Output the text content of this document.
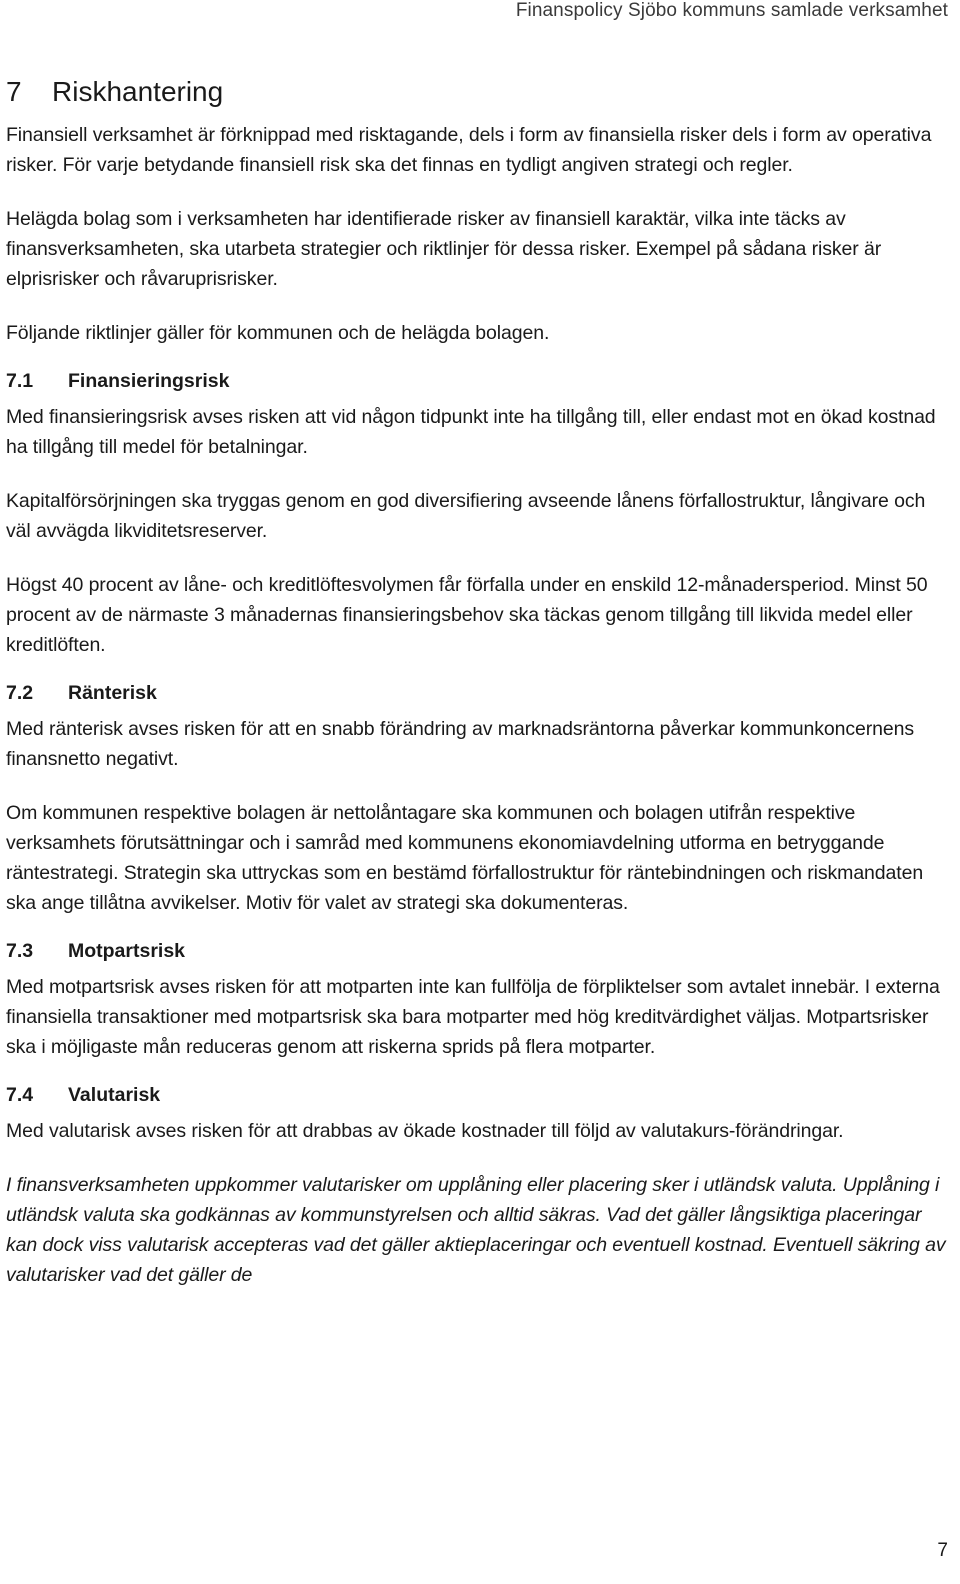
Finanspolicy Sjöbo kommuns samlade verksamhet
7	Riskhantering

Finansiell verksamhet är förknippad med risktagande, dels i form av finansiella risker dels i form av operativa risker. För varje betydande finansiell risk ska det finnas en tydligt angiven strategi och regler.

Helägda bolag som i verksamheten har identifierade risker av finansiell karaktär, vilka inte täcks av finansverksamheten, ska utarbeta strategier och riktlinjer för dessa risker. Exempel på sådana risker är elprisrisker och råvaruprisrisker.

Följande riktlinjer gäller för kommunen och de helägda bolagen.

7.1	Finansieringsrisk

Med finansieringsrisk avses risken att vid någon tidpunkt inte ha tillgång till, eller endast mot en ökad kostnad ha tillgång till medel för betalningar.

Kapitalförsörjningen ska tryggas genom en god diversifiering avseende lånens förfallostruktur, långivare och väl avvägda likviditetsreserver.

Högst 40 procent av låne- och kreditlöftesvolymen får förfalla under en enskild 12-månadersperiod. Minst 50 procent av de närmaste 3 månadernas finansieringsbehov ska täckas genom tillgång till likvida medel eller kreditlöften.

7.2	Ränterisk

Med ränterisk avses risken för att en snabb förändring av marknadsräntorna påverkar kommunkoncernens finansnetto negativt.

Om kommunen respektive bolagen är nettolåntagare ska kommunen och bolagen utifrån respektive verksamhets förutsättningar och i samråd med kommunens ekonomiavdelning utforma en betryggande räntestrategi. Strategin ska uttryckas som en bestämd förfallostruktur för räntebindningen och riskmandaten ska ange tillåtna avvikelser. Motiv för valet av strategi ska dokumenteras.

7.3	Motpartsrisk

Med motpartsrisk avses risken för att motparten inte kan fullfölja de förpliktelser som avtalet innebär. I externa finansiella transaktioner med motpartsrisk ska bara motparter med hög kreditvärdighet väljas. Motpartsrisker ska i möjligaste mån reduceras genom att riskerna sprids på flera motparter.

7.4	Valutarisk

Med valutarisk avses risken för att drabbas av ökade kostnader till följd av valutakurs-förändringar.

I finansverksamheten uppkommer valutarisker om upplåning eller placering sker i utländsk valuta. Upplåning i utländsk valuta ska godkännas av kommunstyrelsen och alltid säkras. Vad det gäller långsiktiga placeringar kan dock viss valutarisk accepteras vad det gäller aktieplaceringar och eventuell kostnad. Eventuell säkring av valutarisker vad det gäller de

7
